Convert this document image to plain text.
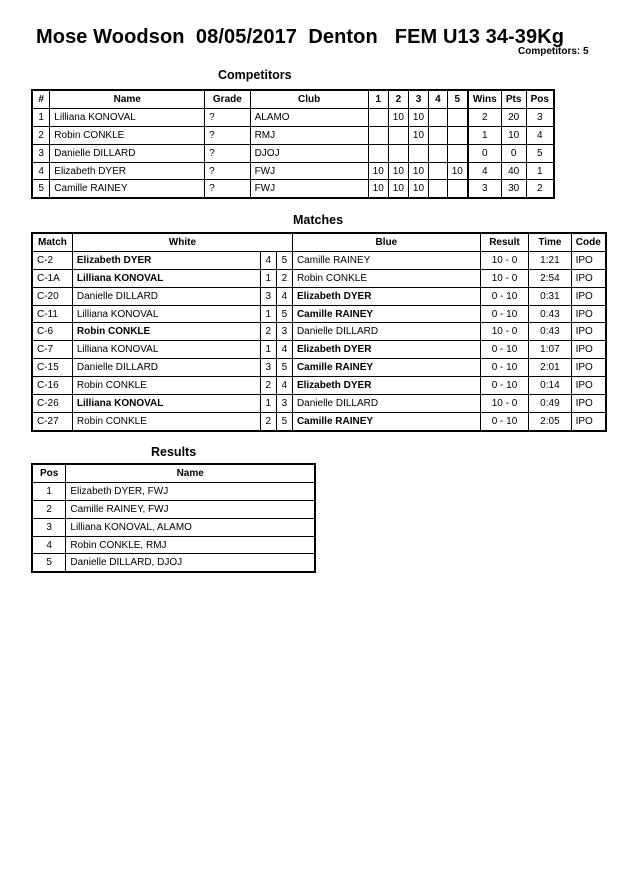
Mose Woodson  08/05/2017  Denton   FEM U13 34-39Kg
Competitors: 5
Competitors
#	Name	Grade	Club	1	2	3	4	5	Wins	Pts	Pos
1	Lilliana KONOVAL	?	ALAMO		10	10			2	20	3
2	Robin CONKLE	?	RMJ			10			1	10	4
3	Danielle DILLARD	?	DJOJ						0	0	5
4	Elizabeth DYER	?	FWJ	10	10	10		10	4	40	1
5	Camille RAINEY	?	FWJ	10	10	10			3	30	2
Matches
Match	White			Blue	Result	Time	Code
C-2	Elizabeth DYER	4	5	Camille RAINEY	10 - 0	1:21	IPO
C-1A	Lilliana KONOVAL	1	2	Robin CONKLE	10 - 0	2:54	IPO
C-20	Danielle DILLARD	3	4	Elizabeth DYER	0 - 10	0:31	IPO
C-11	Lilliana KONOVAL	1	5	Camille RAINEY	0 - 10	0:43	IPO
C-6	Robin CONKLE	2	3	Danielle DILLARD	10 - 0	0:43	IPO
C-7	Lilliana KONOVAL	1	4	Elizabeth DYER	0 - 10	1:07	IPO
C-15	Danielle DILLARD	3	5	Camille RAINEY	0 - 10	2:01	IPO
C-16	Robin CONKLE	2	4	Elizabeth DYER	0 - 10	0:14	IPO
C-26	Lilliana KONOVAL	1	3	Danielle DILLARD	10 - 0	0:49	IPO
C-27	Robin CONKLE	2	5	Camille RAINEY	0 - 10	2:05	IPO
Results
Pos	Name
1	Elizabeth DYER, FWJ
2	Camille RAINEY, FWJ
3	Lilliana KONOVAL, ALAMO
4	Robin CONKLE, RMJ
5	Danielle DILLARD, DJOJ
